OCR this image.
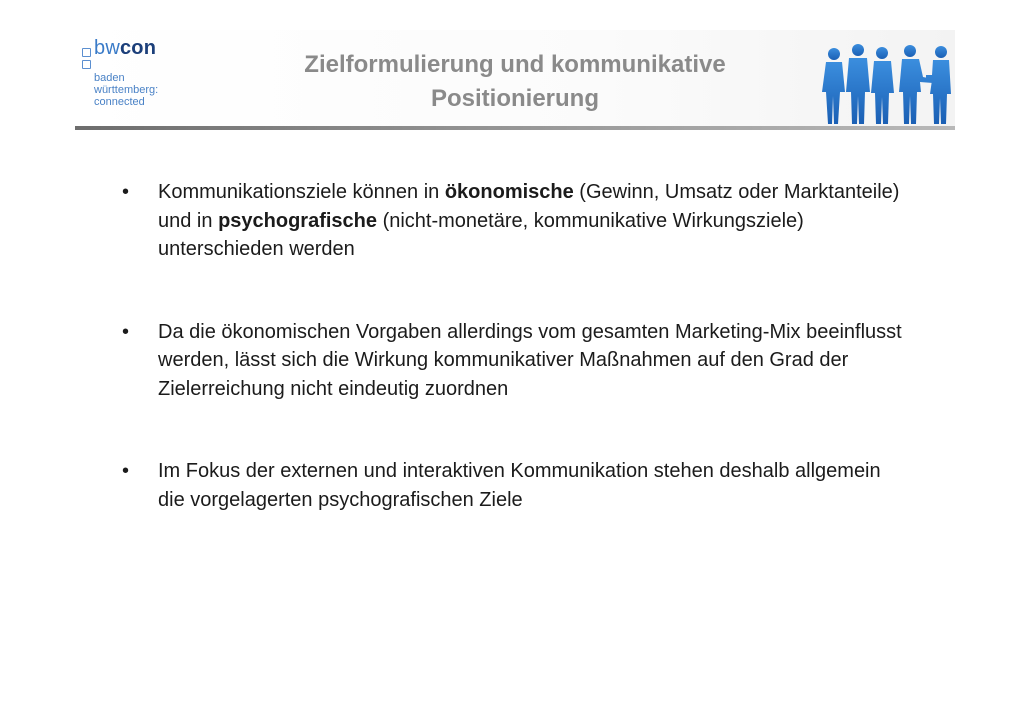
bwcon
baden
württemberg:
connected
Zielformulierung und kommunikative
Positionierung
• Kommunikationsziele können in ökonomische (Gewinn, Umsatz oder Marktanteile) und in psychografische (nicht-monetäre, kommunikative Wirkungsziele) unterschieden werden
• Da die ökonomischen Vorgaben allerdings vom gesamten Marketing-Mix beeinflusst werden, lässt sich die Wirkung kommunikativer Maßnahmen auf den Grad der Zielerreichung nicht eindeutig zuordnen
• Im Fokus der externen und interaktiven Kommunikation stehen deshalb allgemein die vorgelagerten psychografischen Ziele
